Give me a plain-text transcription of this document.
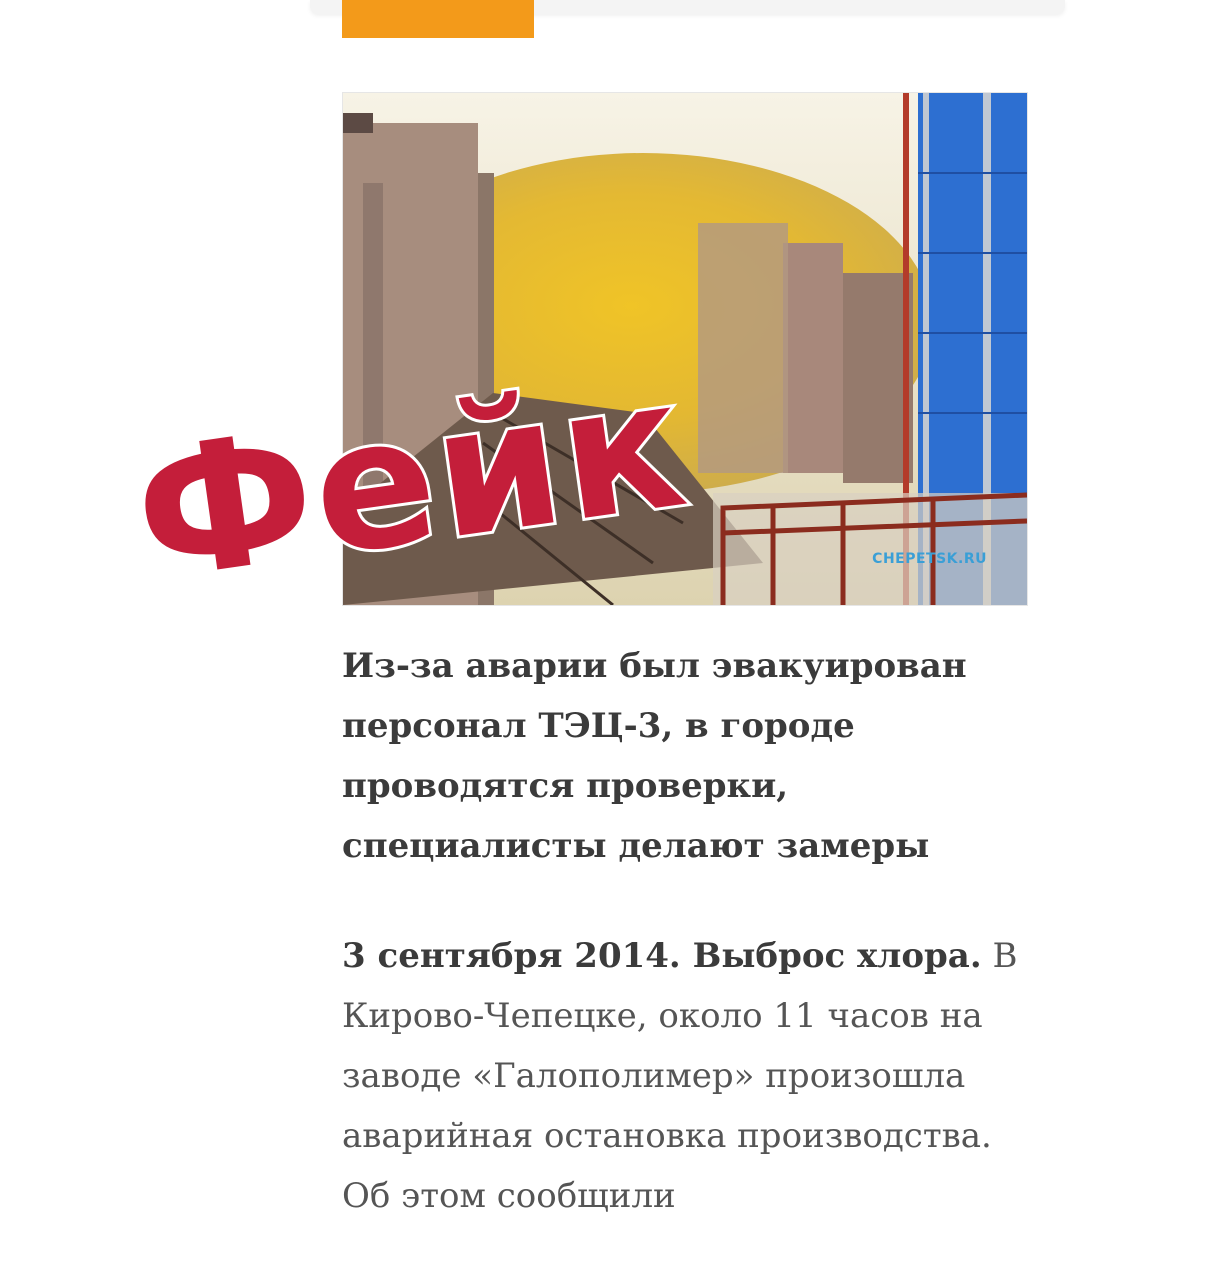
CHEPETSK.RU

Из-за аварии был эвакуирован персонал ТЭЦ-3, в городе проводятся проверки, специалисты делают замеры

3 сентября 2014. Выброс хлора. В Кирово-Чепецке, около 11 часов на заводе «Галополимер» произошла аварийная остановка производства. Об этом сообщили

Фейк
